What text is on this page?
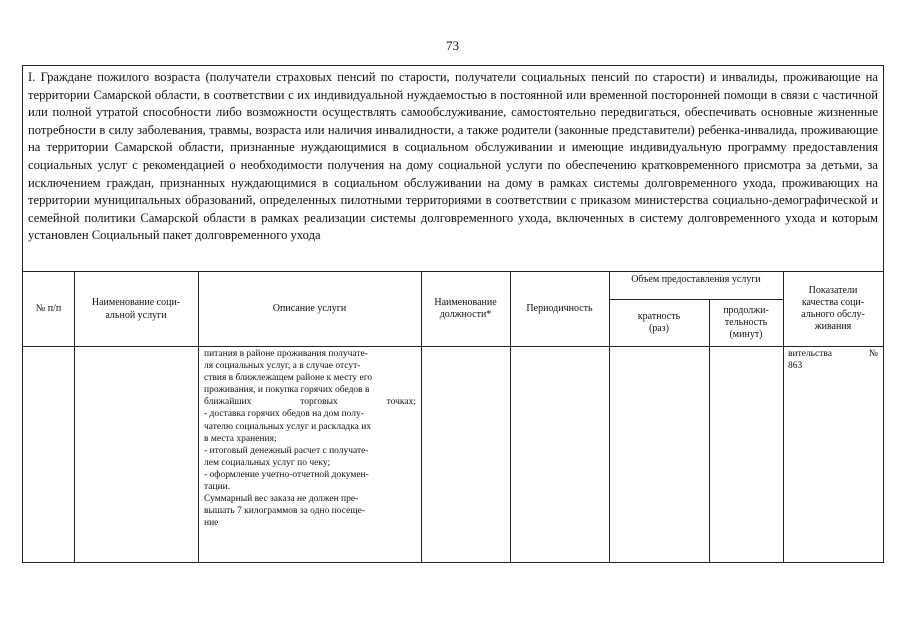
73
I. Граждане пожилого возраста (получатели страховых пенсий по старости, получатели социальных пенсий по старости) и инвалиды, проживающие на территории Самарской области, в соответствии с их индивидуальной нуждаемостью в постоянной или временной посторонней помощи в связи с частичной или полной утратой способности либо возможности осуществлять самообслуживание, самостоятельно передвигаться, обеспечивать основные жизненные потребности в силу заболевания, травмы, возраста или наличия инвалидности, а также родители (законные представители) ребенка-инвалида, проживающие на территории Самарской области, признанные нуждающимися в социальном обслуживании и имеющие индивидуальную программу предоставления социальных услуг с рекомендацией о необходимости получения на дому социальной услуги по обеспечению кратковременного присмотра за детьми, за исключением граждан, признанных нуждающимися в социальном обслуживании на дому в рамках системы долговременного ухода, проживающих на территории муниципальных образований, определенных пилотными территориями в соответствии с приказом министерства социально-демографической и семейной политики Самарской области в рамках реализации системы долговременного ухода, включенных в систему долговременного ухода и которым установлен Социальный пакет долговременного ухода
№ п/п
Наименование соци-
альной услуги
Описание услуги
Наименование
должности*
Периодичность
Объем предоставления услуги
кратность
(раз)
продолжи-
тельность
(минут)
Показатели
качества соци-
ального обслу-
живания
питания в районе проживания получате-
ля социальных услуг, а в случае отсут-
ствия в ближлежащем районе к месту его
проживания, и покупка горячих обедов в
ближайших торговых точках;
- доставка горячих обедов на дом полу-
чателю социальных услуг и раскладка их
в места хранения;
- итоговый денежный расчет с получате-
лем социальных услуг по чеку;
- оформление учетно-отчетной докумен-
тации.
Суммарный вес заказа не должен пре-
вышать 7 килограммов за одно посеще-
ние
вительства	№
863
